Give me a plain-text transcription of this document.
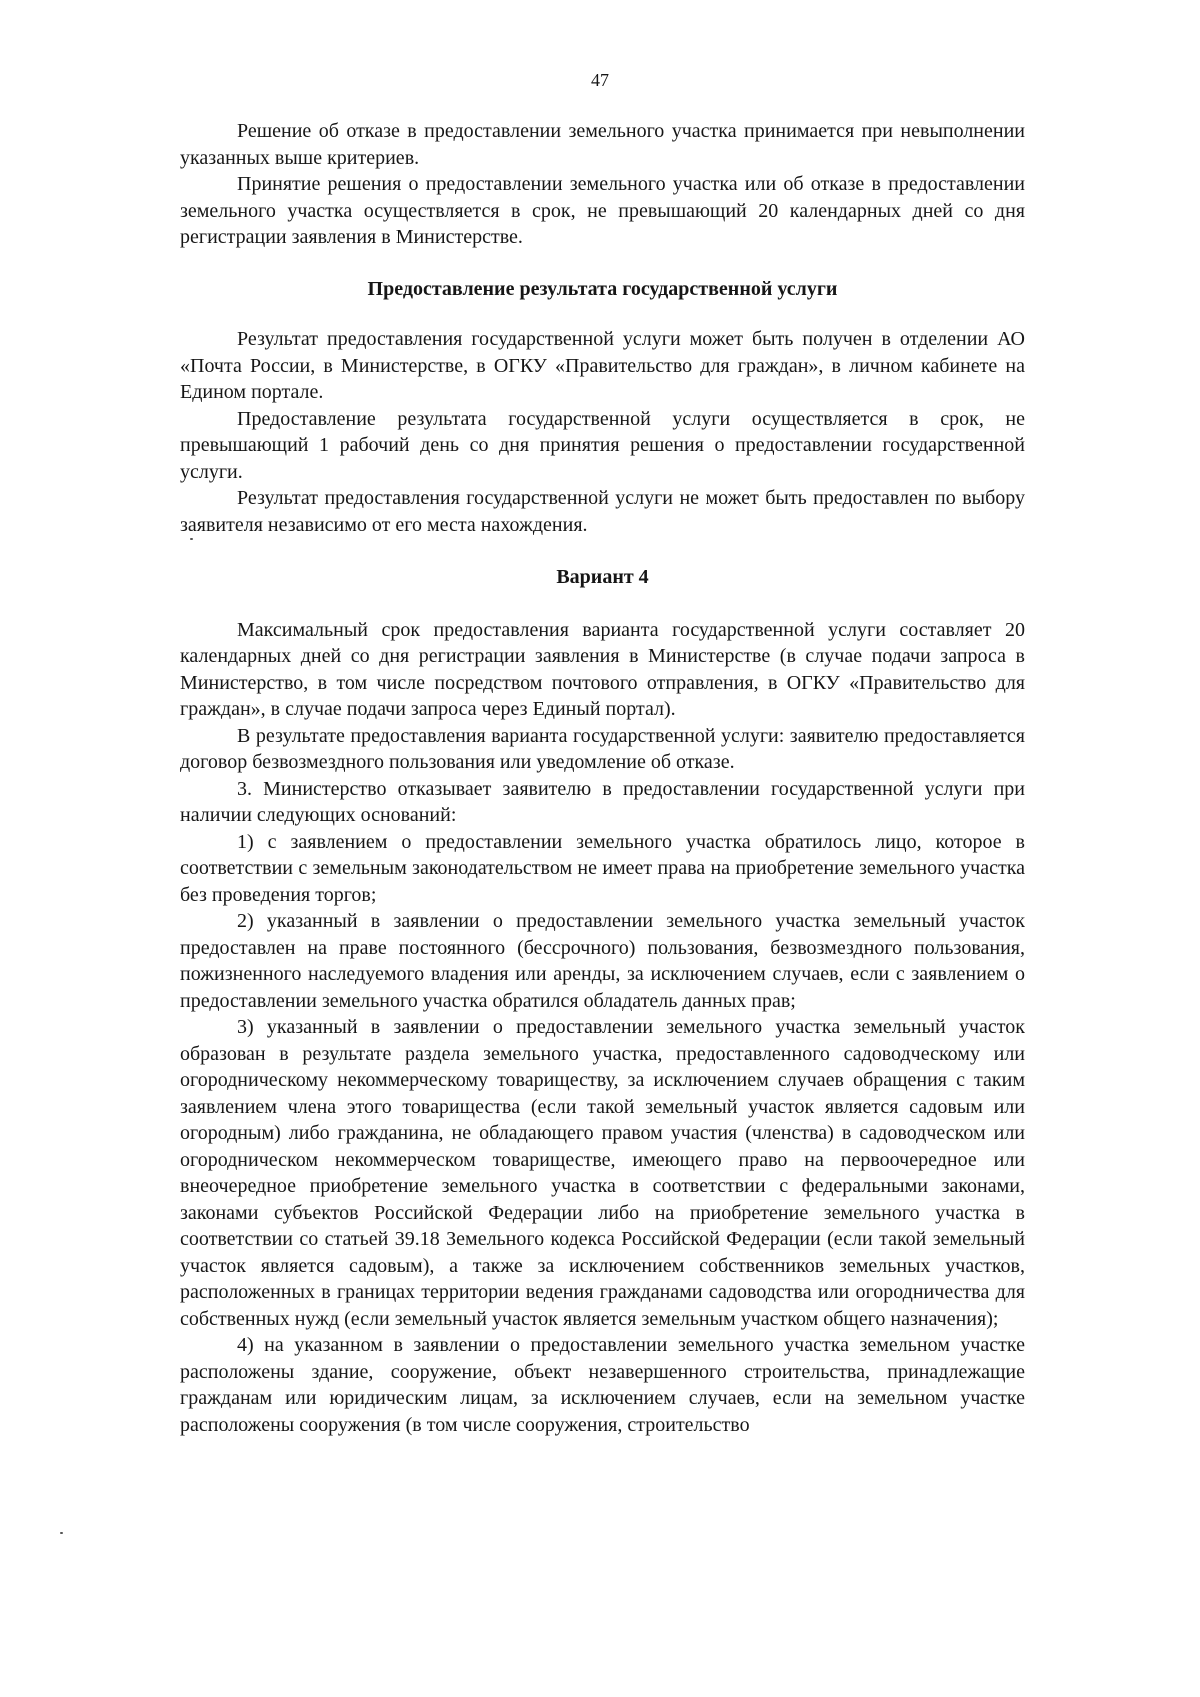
47

Решение об отказе в предоставлении земельного участка принимается при невыполнении указанных выше критериев.

Принятие решения о предоставлении земельного участка или об отказе в предоставлении земельного участка осуществляется в срок, не превышающий 20 календарных дней со дня регистрации заявления в Министерстве.

Предоставление результата государственной услуги

Результат предоставления государственной услуги может быть получен в отделении АО «Почта России, в Министерстве, в ОГКУ «Правительство для граждан», в личном кабинете на Едином портале.

Предоставление результата государственной услуги осуществляется в срок, не превышающий 1 рабочий день со дня принятия решения о предоставлении государственной услуги.

Результат предоставления государственной услуги не может быть предоставлен по выбору заявителя независимо от его места нахождения.

Вариант 4

Максимальный срок предоставления варианта государственной услуги составляет 20 календарных дней со дня регистрации заявления в Министерстве (в случае подачи запроса в Министерство, в том числе посредством почтового отправления, в ОГКУ «Правительство для граждан», в случае подачи запроса через Единый портал).

В результате предоставления варианта государственной услуги: заявителю предоставляется договор безвозмездного пользования или уведомление об отказе.

3. Министерство отказывает заявителю в предоставлении государственной услуги при наличии следующих оснований:

1) с заявлением о предоставлении земельного участка обратилось лицо, которое в соответствии с земельным законодательством не имеет права на приобретение земельного участка без проведения торгов;

2) указанный в заявлении о предоставлении земельного участка земельный участок предоставлен на праве постоянного (бессрочного) пользования, безвозмездного пользования, пожизненного наследуемого владения или аренды, за исключением случаев, если с заявлением о предоставлении земельного участка обратился обладатель данных прав;

3) указанный в заявлении о предоставлении земельного участка земельный участок образован в результате раздела земельного участка, предоставленного садоводческому или огородническому некоммерческому товариществу, за исключением случаев обращения с таким заявлением члена этого товарищества (если такой земельный участок является садовым или огородным) либо гражданина, не обладающего правом участия (членства) в садоводческом или огородническом некоммерческом товариществе, имеющего право на первоочередное или внеочередное приобретение земельного участка в соответствии с федеральными законами, законами субъектов Российской Федерации либо на приобретение земельного участка в соответствии со статьей 39.18 Земельного кодекса Российской Федерации (если такой земельный участок является садовым), а также за исключением собственников земельных участков, расположенных в границах территории ведения гражданами садоводства или огородничества для собственных нужд (если земельный участок является земельным участком общего назначения);

4) на указанном в заявлении о предоставлении земельного участка земельном участке расположены здание, сооружение, объект незавершенного строительства, принадлежащие гражданам или юридическим лицам, за исключением случаев, если на земельном участке расположены сооружения (в том числе сооружения, строительство
